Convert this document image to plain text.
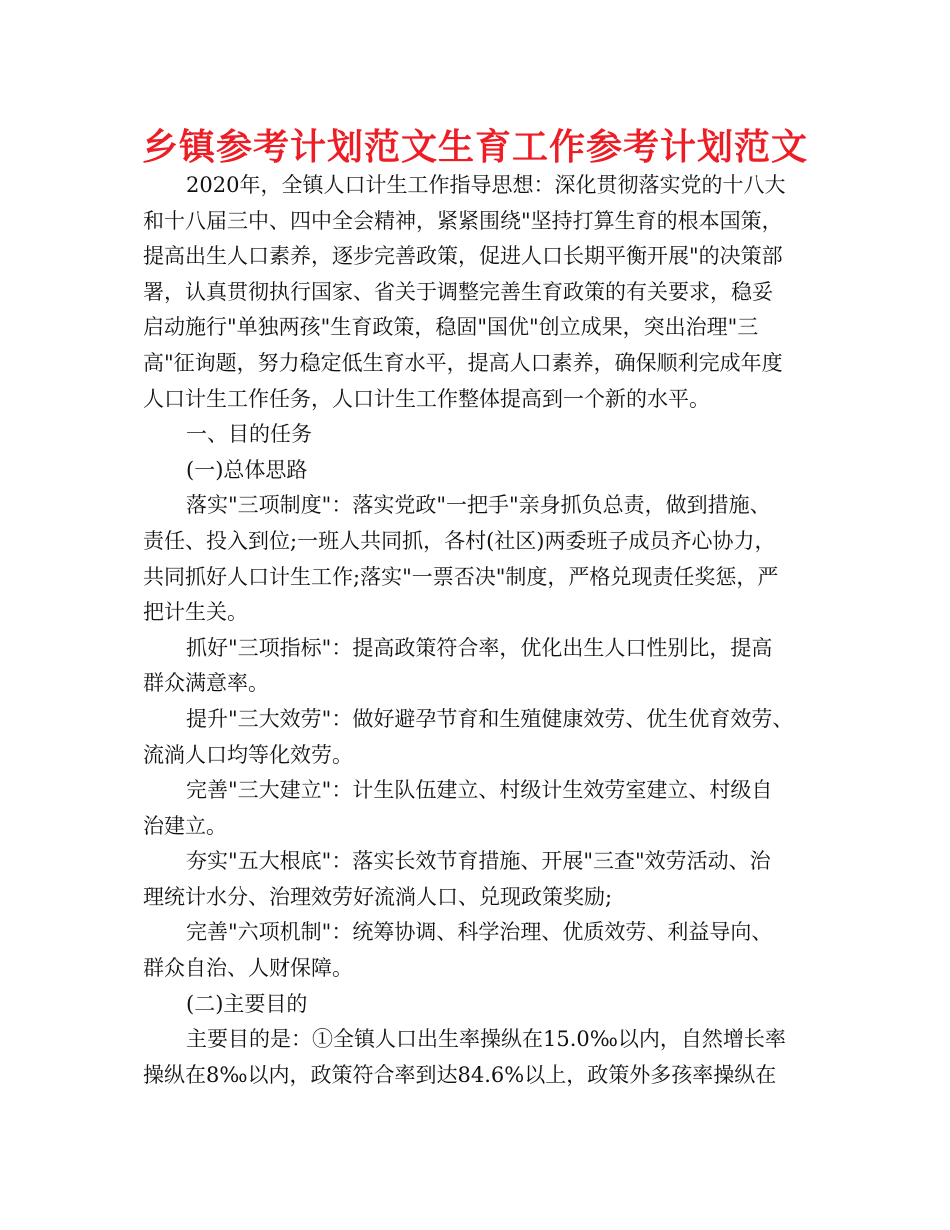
乡镇参考计划范文生育工作参考计划范文
2020年，全镇人口计生工作指导思想：深化贯彻落实党的十八大
和十八届三中、四中全会精神，紧紧围绕"坚持打算生育的根本国策，
提高出生人口素养，逐步完善政策，促进人口长期平衡开展"的决策部
署，认真贯彻执行国家、省关于调整完善生育政策的有关要求，稳妥
启动施行"单独两孩"生育政策，稳固"国优"创立成果，突出治理"三
高"征询题，努力稳定低生育水平，提高人口素养，确保顺利完成年度
人口计生工作任务，人口计生工作整体提高到一个新的水平。
一、目的任务
(一)总体思路
落实"三项制度"：落实党政"一把手"亲身抓负总责，做到措施、
责任、投入到位;一班人共同抓，各村(社区)两委班子成员齐心协力，
共同抓好人口计生工作;落实"一票否决"制度，严格兑现责任奖惩，严
把计生关。
抓好"三项指标"：提高政策符合率，优化出生人口性别比，提高
群众满意率。
提升"三大效劳"：做好避孕节育和生殖健康效劳、优生优育效劳、
流淌人口均等化效劳。
完善"三大建立"：计生队伍建立、村级计生效劳室建立、村级自
治建立。
夯实"五大根底"：落实长效节育措施、开展"三查"效劳活动、治
理统计水分、治理效劳好流淌人口、兑现政策奖励;
完善"六项机制"：统筹协调、科学治理、优质效劳、利益导向、
群众自治、人财保障。
(二)主要目的
主要目的是：①全镇人口出生率操纵在15.0‰以内，自然增长率
操纵在8‰以内，政策符合率到达84.6%以上，政策外多孩率操纵在
